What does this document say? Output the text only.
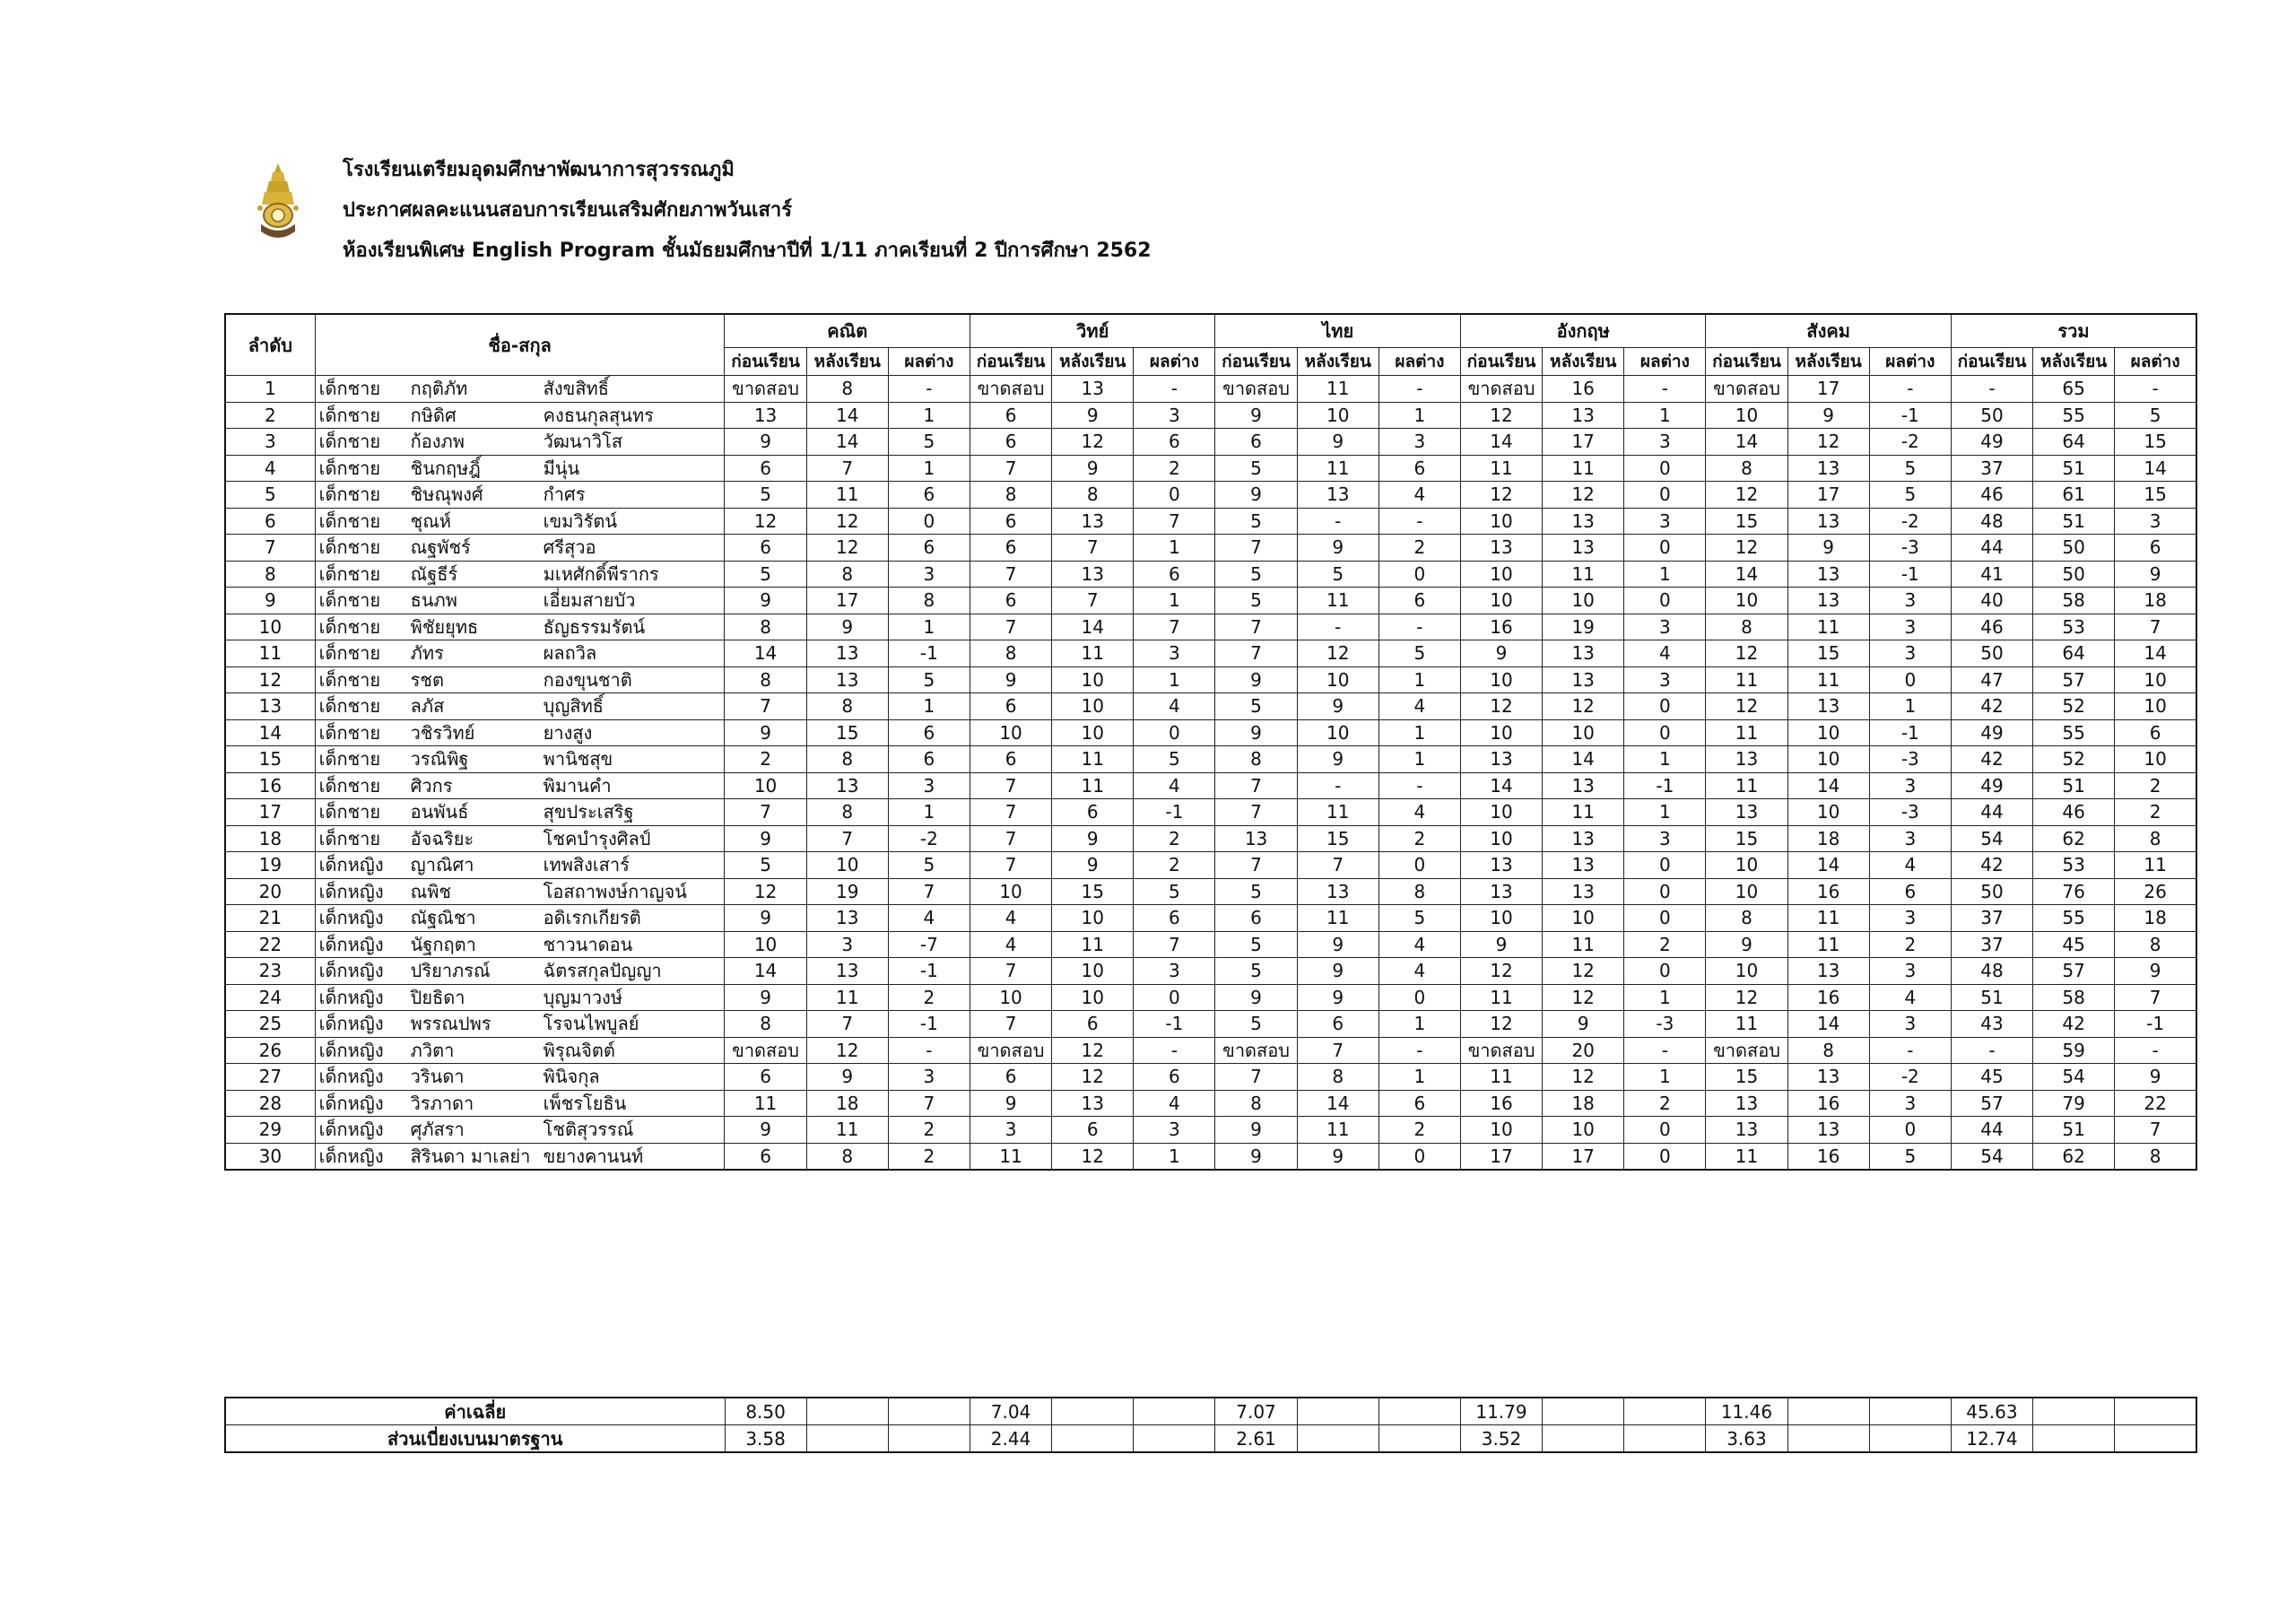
โรงเรียนเตรียมอุดมศึกษาพัฒนาการสุวรรณภูมิ
ประกาศผลคะแนนสอบการเรียนเสริมศักยภาพวันเสาร์
ห้องเรียนพิเศษ English Program ชั้นมัธยมศึกษาปีที่ 1/11 ภาคเรียนที่ 2 ปีการศึกษา 2562
ลำดับ	ชื่อ-สกุล	คณิต			วิทย์			ไทย			อังกฤษ			สังคม			รวม		
		ก่อนเรียน	หลังเรียน	ผลต่าง	ก่อนเรียน	หลังเรียน	ผลต่าง	ก่อนเรียน	หลังเรียน	ผลต่าง	ก่อนเรียน	หลังเรียน	ผลต่าง	ก่อนเรียน	หลังเรียน	ผลต่าง	ก่อนเรียน	หลังเรียน	ผลต่าง
1	เด็กชาย กฤติภัท สังขสิทธิ์	ขาดสอบ	8	-	ขาดสอบ	13	-	ขาดสอบ	11	-	ขาดสอบ	16	-	ขาดสอบ	17	-	-	65	-
2	เด็กชาย กษิดิศ คงธนกุลสุนทร	13	14	1	6	9	3	9	10	1	12	13	1	10	9	-1	50	55	5
3	เด็กชาย ก้องภพ วัฒนาวิโส	9	14	5	6	12	6	6	9	3	14	17	3	14	12	-2	49	64	15
4	เด็กชาย ชินกฤษฎิ์ มีนุ่น	6	7	1	7	9	2	5	11	6	11	11	0	8	13	5	37	51	14
5	เด็กชาย ชิษณุพงศ์ กำศร	5	11	6	8	8	0	9	13	4	12	12	0	12	17	5	46	61	15
6	เด็กชาย ชุณห์ เขมวิรัตน์	12	12	0	6	13	7	5	-	-	10	13	3	15	13	-2	48	51	3
7	เด็กชาย ณฐพัชร์ ศรีสุวอ	6	12	6	6	7	1	7	9	2	13	13	0	12	9	-3	44	50	6
8	เด็กชาย ณัฐธีร์ มเหศักดิ์พีรากร	5	8	3	7	13	6	5	5	0	10	11	1	14	13	-1	41	50	9
9	เด็กชาย ธนภพ เอี่ยมสายบัว	9	17	8	6	7	1	5	11	6	10	10	0	10	13	3	40	58	18
10	เด็กชาย พิชัยยุทธ ธัญธรรมรัตน์	8	9	1	7	14	7	7	-	-	16	19	3	8	11	3	46	53	7
11	เด็กชาย ภัทร ผลถวิล	14	13	-1	8	11	3	7	12	5	9	13	4	12	15	3	50	64	14
12	เด็กชาย รชต กองขุนชาติ	8	13	5	9	10	1	9	10	1	10	13	3	11	11	0	47	57	10
13	เด็กชาย ลภัส บุญสิทธิ์	7	8	1	6	10	4	5	9	4	12	12	0	12	13	1	42	52	10
14	เด็กชาย วชิรวิทย์ ยางสูง	9	15	6	10	10	0	9	10	1	10	10	0	11	10	-1	49	55	6
15	เด็กชาย วรณิพิฐ พานิชสุข	2	8	6	6	11	5	8	9	1	13	14	1	13	10	-3	42	52	10
16	เด็กชาย ศิวกร พิมานคำ	10	13	3	7	11	4	7	-	-	14	13	-1	11	14	3	49	51	2
17	เด็กชาย อนพันธ์ สุขประเสริฐ	7	8	1	7	6	-1	7	11	4	10	11	1	13	10	-3	44	46	2
18	เด็กชาย อัจฉริยะ โชคบำรุงศิลป์	9	7	-2	7	9	2	13	15	2	10	13	3	15	18	3	54	62	8
19	เด็กหญิง ญาณิศา เทพสิงเสาร์	5	10	5	7	9	2	7	7	0	13	13	0	10	14	4	42	53	11
20	เด็กหญิง ณพิช โอสถาพงษ์กาญจน์	12	19	7	10	15	5	5	13	8	13	13	0	10	16	6	50	76	26
21	เด็กหญิง ณัฐณิชา อดิเรกเกียรติ	9	13	4	4	10	6	6	11	5	10	10	0	8	11	3	37	55	18
22	เด็กหญิง นัฐกฤตา ชาวนาดอน	10	3	-7	4	11	7	5	9	4	9	11	2	9	11	2	37	45	8
23	เด็กหญิง ปริยาภรณ์ ฉัตรสกุลปัญญา	14	13	-1	7	10	3	5	9	4	12	12	0	10	13	3	48	57	9
24	เด็กหญิง ปิยธิดา บุญมาวงษ์	9	11	2	10	10	0	9	9	0	11	12	1	12	16	4	51	58	7
25	เด็กหญิง พรรณปพร โรจนไพบูลย์	8	7	-1	7	6	-1	5	6	1	12	9	-3	11	14	3	43	42	-1
26	เด็กหญิง ภวิตา พิรุณจิตต์	ขาดสอบ	12	-	ขาดสอบ	12	-	ขาดสอบ	7	-	ขาดสอบ	20	-	ขาดสอบ	8	-	-	59	-
27	เด็กหญิง วรินดา พินิจกุล	6	9	3	6	12	6	7	8	1	11	12	1	15	13	-2	45	54	9
28	เด็กหญิง วิรภาดา เพ็ชรโยธิน	11	18	7	9	13	4	8	14	6	16	18	2	13	16	3	57	79	22
29	เด็กหญิง ศุภัสรา โชติสุวรรณ์	9	11	2	3	6	3	9	11	2	10	10	0	13	13	0	44	51	7
30	เด็กหญิง สิรินดา มาเลย่า ขยางคานนท์	6	8	2	11	12	1	9	9	0	17	17	0	11	16	5	54	62	8
ค่าเฉลี่ย	8.50			7.04			7.07			11.79			11.46			45.63		
ส่วนเบี่ยงเบนมาตรฐาน	3.58			2.44			2.61			3.52			3.63			12.74		
